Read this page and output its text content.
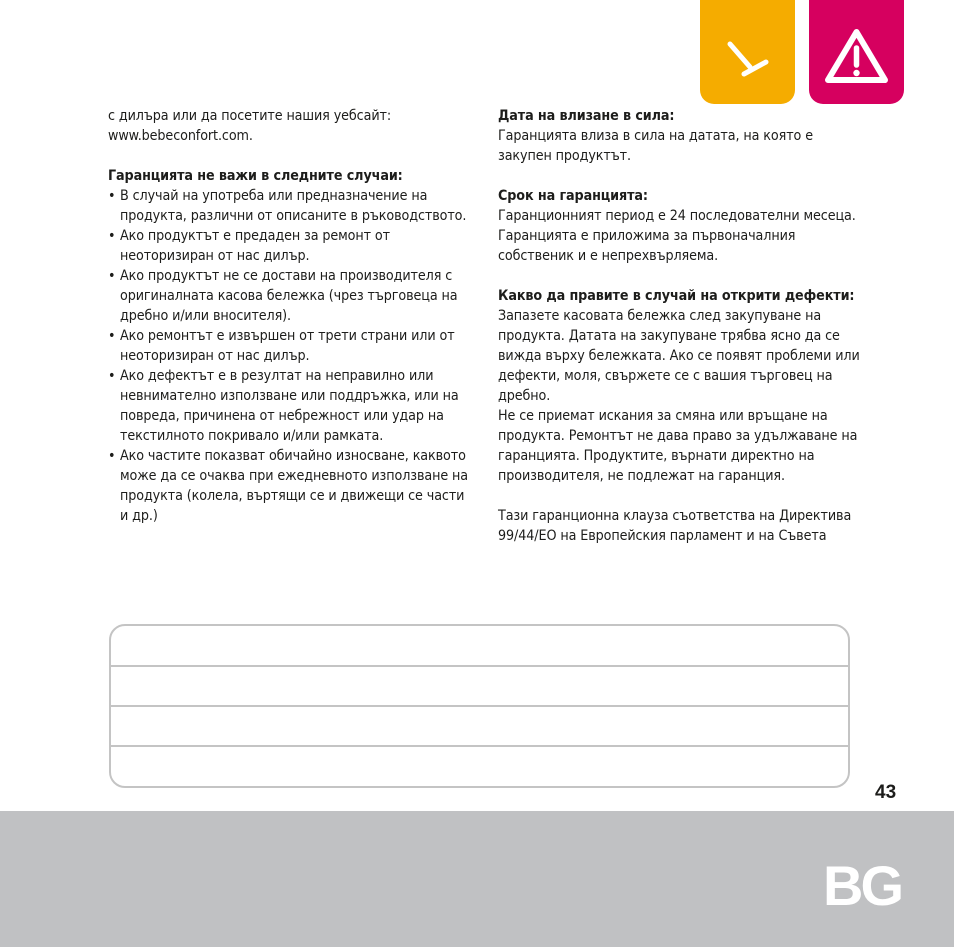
с дилъра или да посетите нашия уебсайт:

www.bebeconfort.com.

Гаранцията не важи в следните случаи:

• В случай на употреба или предназначение на продукта, различни от описаните в ръководството.
• Ако продуктът е предаден за ремонт от неоторизиран от нас дилър.
• Ако продуктът не се достави на производителя с оригиналната касова бележка (чрез търговеца на дребно и/или вносителя).
• Ако ремонтът е извършен от трети страни или от неоторизиран от нас дилър.
• Ако дефектът е в резултат на неправилно или невнимателно използване или поддръжка, или на повреда, причинена от небрежност или удар на текстилното покривало и/или рамката.
• Ако частите показват обичайно износване, каквото може да се очаква при ежедневното използване на продукта (колела, въртящи се и движещи се части и др.)

Дата на влизане в сила:

Гаранцията влиза в сила на датата, на която е закупен продуктът.

Срок на гаранцията:

Гаранционният период е 24 последователни месеца. Гаранцията е приложима за първоначалния собственик и е непрехвърляема.

Какво да правите в случай на открити дефекти:

Запазете касовата бележка след закупуване на продукта. Датата на закупуване трябва ясно да се вижда върху бележката. Ако се появят проблеми или дефекти, моля, свържете се с вашия търговец на дребно.

Не се приемат искания за смяна или връщане на продукта. Ремонтът не дава право за удължаване на гаранцията. Продуктите, върнати директно на производителя, не подлежат на гаранция.

Тази гаранционна клауза съответства на Директива 99/44/ЕО на Европейския парламент и на Съвета

43
BG
